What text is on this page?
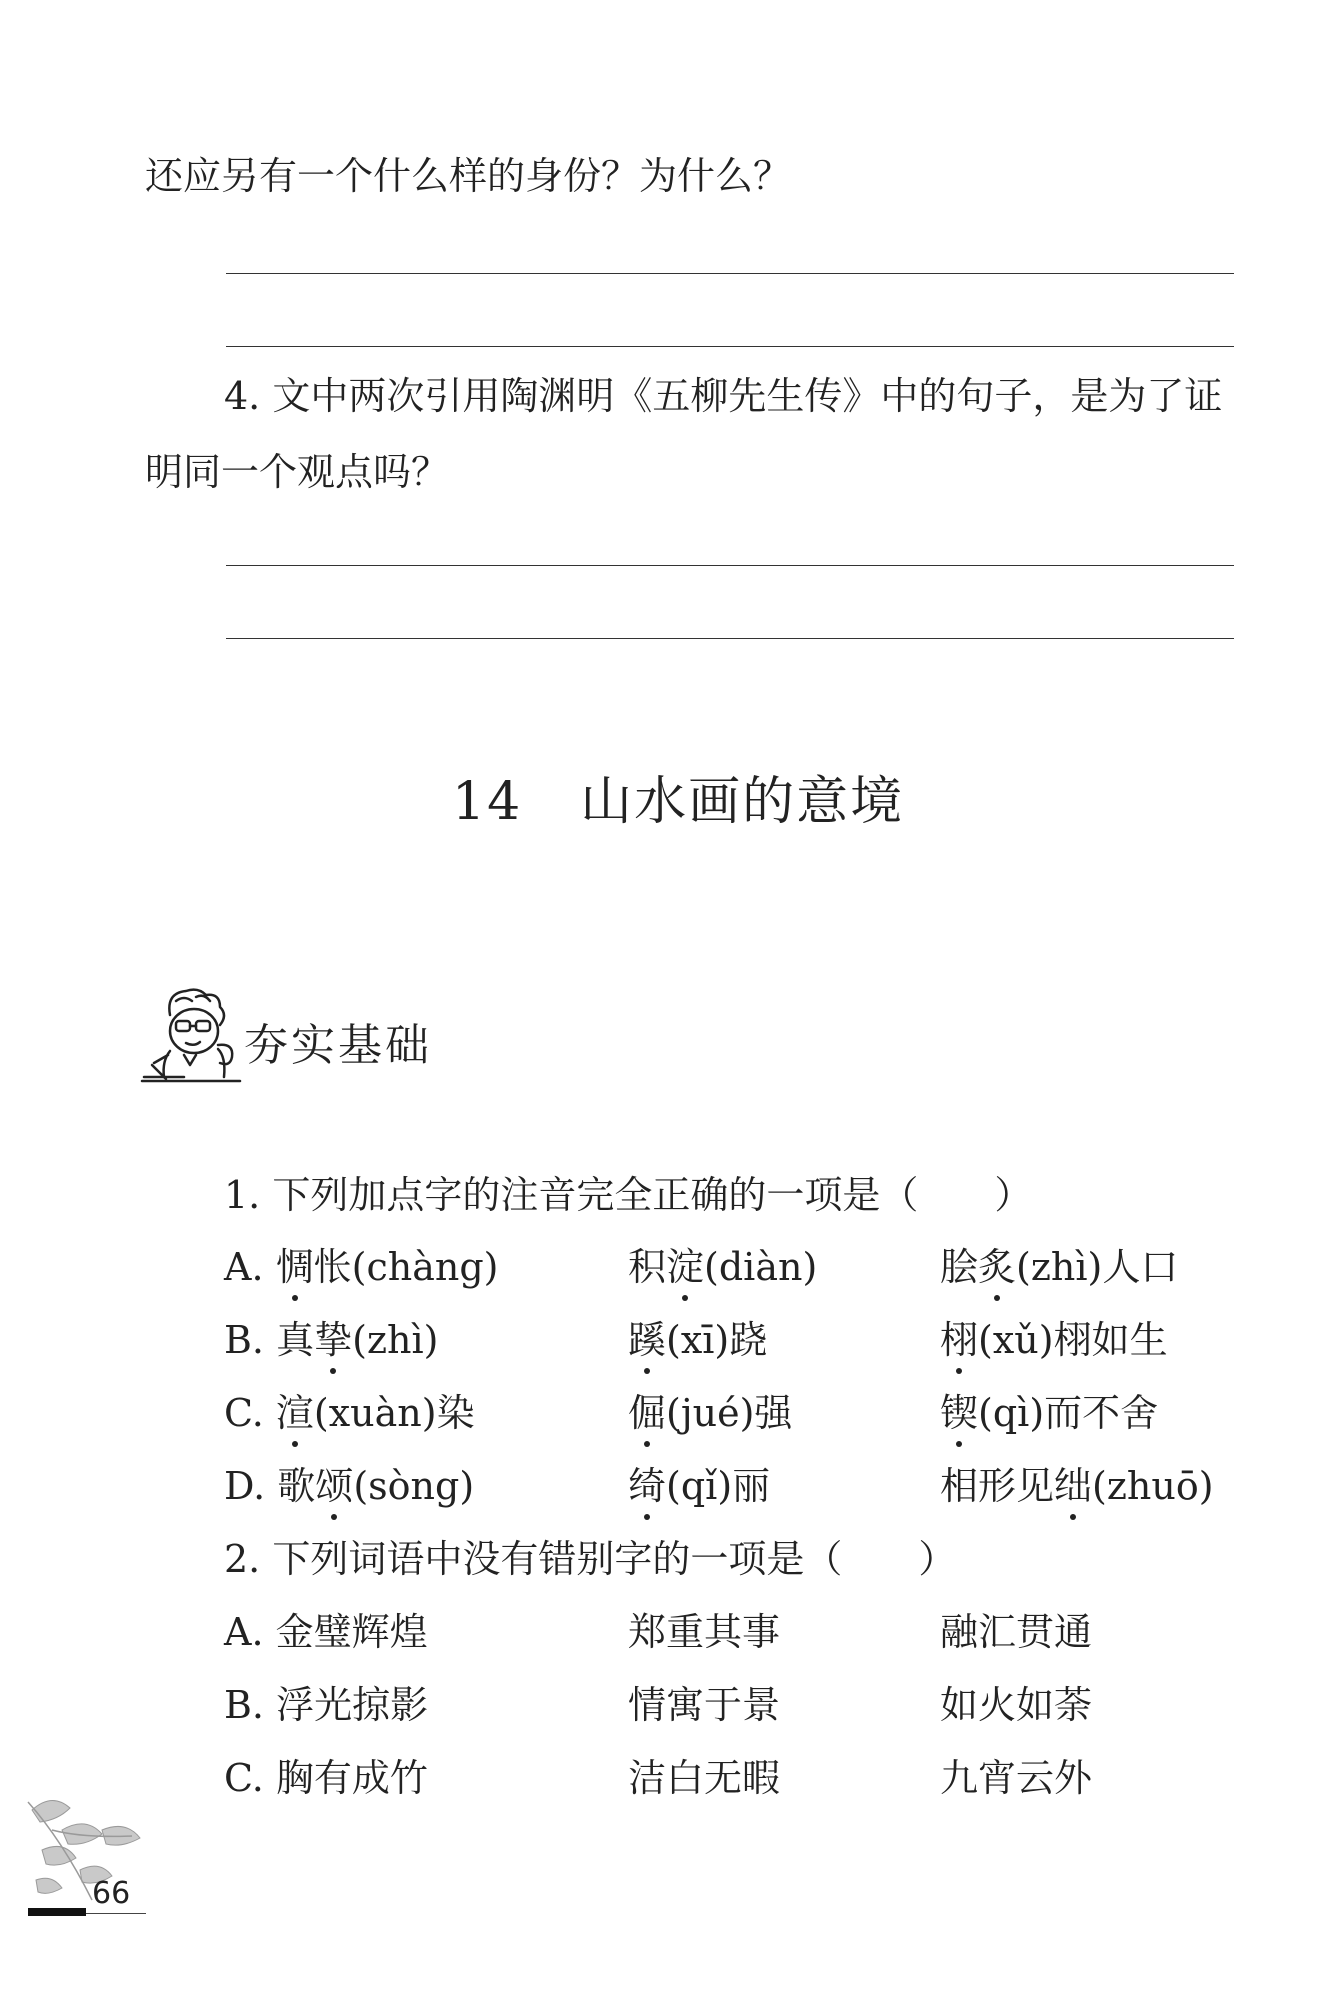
还应另有一个什么样的身份？为什么？
4. 文中两次引用陶渊明《五柳先生传》中的句子，是为了证
明同一个观点吗？
14 山水画的意境
夯实基础
1. 下列加点字的注音完全正确的一项是（　　）
A. 惆怅(chàng)	积淀(diàn)	脍炙(zhì)人口
B. 真挚(zhì)	蹊(xī)跷	栩(xǔ)栩如生
C. 渲(xuàn)染	倔(jué)强	锲(qì)而不舍
D. 歌颂(sòng)	绮(qǐ)丽	相形见绌(zhuō)
2. 下列词语中没有错别字的一项是（　　）
A. 金璧辉煌	郑重其事	融汇贯通
B. 浮光掠影	情寓于景	如火如荼
C. 胸有成竹	洁白无暇	九宵云外
66
